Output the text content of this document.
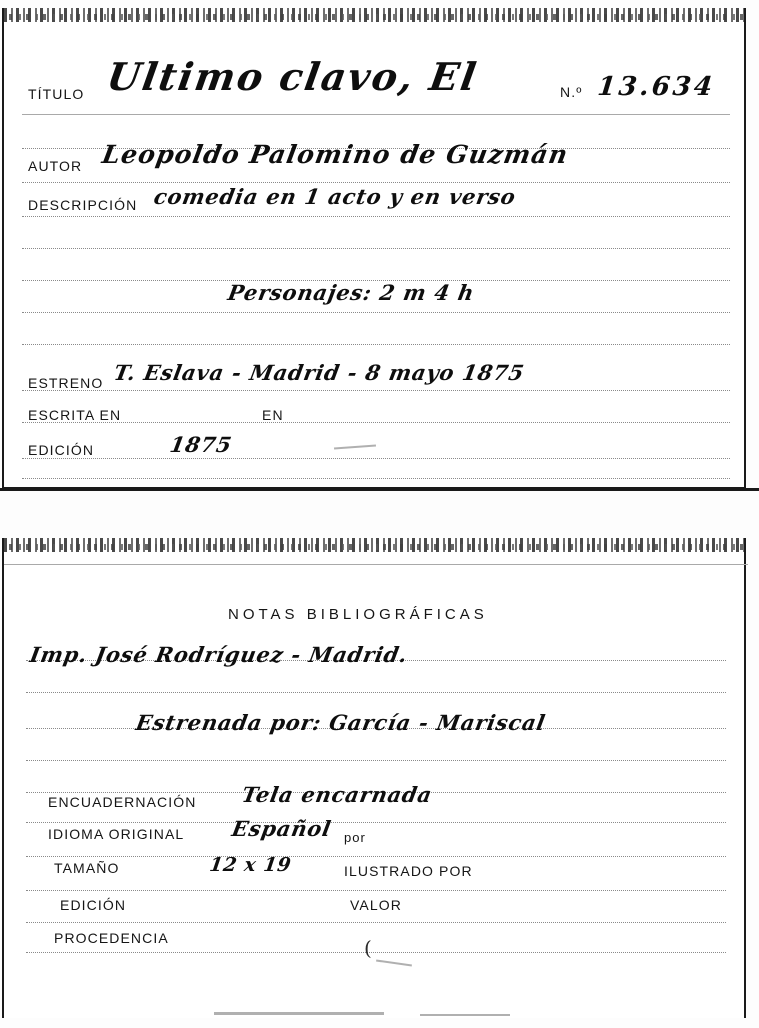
TÍTULO Ultimo clavo, El	N.º 13.634
AUTOR Leopoldo Palomino de Guzmán
DESCRIPCIÓN comedia en 1 acto y en verso
Personajes: 2 m 4 h
ESTRENO T. Eslava - Madrid - 8 mayo 1875
ESCRITA EN	EN
EDICIÓN	1875
NOTAS BIBLIOGRÁFICAS
Imp. José Rodríguez - Madrid.
Estrenada por: García - Mariscal
ENCUADERNACIÓN Tela encarnada
IDIOMA ORIGINAL Español por
TAMAÑO	12 x 19	ILUSTRADO POR
EDICIÓN	VALOR
PROCEDENCIA	(
